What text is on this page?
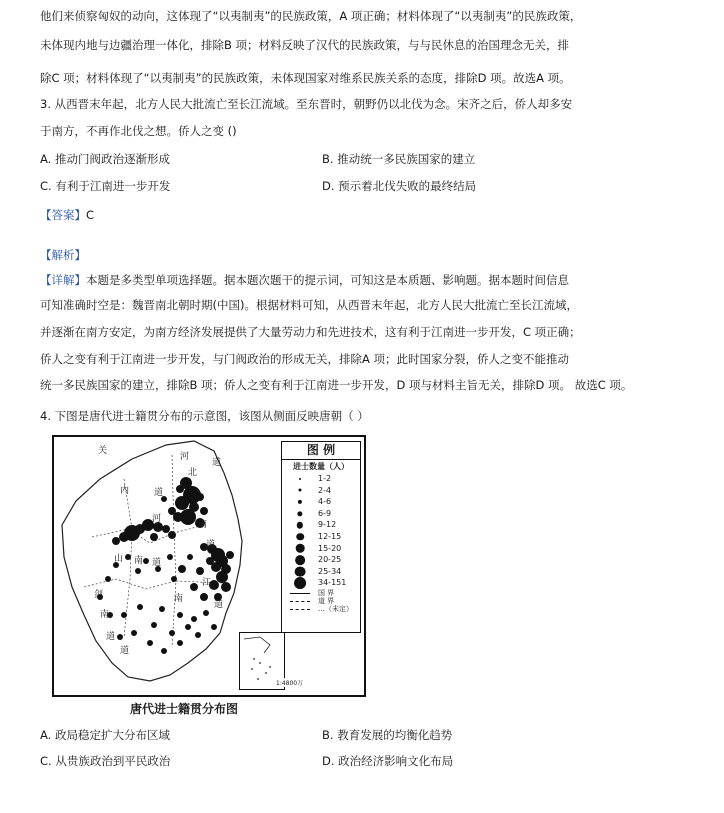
他们来侦察匈奴的动向，这体现了“以夷制夷”的民族政策，A 项正确；材料体现了“以夷制夷”的民族政策，
未体现内地与边疆治理一体化，排除B 项；材料反映了汉代的民族政策，与与民休息的治国理念无关，排
除C 项；材料体现了“以夷制夷”的民族政策，未体现国家对维系民族关系的态度，排除D 项。故选A 项。
3. 从西晋末年起，北方人民大批流亡至长江流域。至东晋时，朝野仍以北伐为念。宋齐之后，侨人却多安
于南方，不再作北伐之想。侨人之变 ()
A. 推动门阀政治逐渐形成	B. 推动统一多民族国家的建立
C. 有利于江南进一步开发	D. 预示着北伐失败的最终结局
【答案】C
【解析】
【详解】本题是多类型单项选择题。据本题次题干的提示词，可知这是本质题、影响题。据本题时间信息
可知准确时空是：魏晋南北朝时期(中国)。根据材料可知，从西晋末年起，北方人民大批流亡至长江流域，
并逐渐在南方安定，为南方经济发展提供了大量劳动力和先进技术，这有利于江南进一步开发，C 项正确；
侨人之变有利于江南进一步开发，与门阀政治的形成无关，排除A 项；此时国家分裂，侨人之变不能推动
统一多民族国家的建立，排除B 项；侨人之变有利于江南进一步开发，D 项与材料主旨无关，排除D 项。 故选C 项。
4. 下图是唐代进士籍贯分布的示意图，该图从侧面反映唐朝（ ）
关
河
北
道
内	道
河
南
道
山 南 道
江
南
道
剑
南
道
道
图 例
进士数量（人）
1-2
2-4
4-6
6-9
9-12
12-15
15-20
20-25
25-34
34-151
国 界
道 界
…（未定）
1:4800万
唐代进士籍贯分布图
A. 政局稳定扩大分布区域	B. 教育发展的均衡化趋势
C. 从贵族政治到平民政治	D. 政治经济影响文化布局
